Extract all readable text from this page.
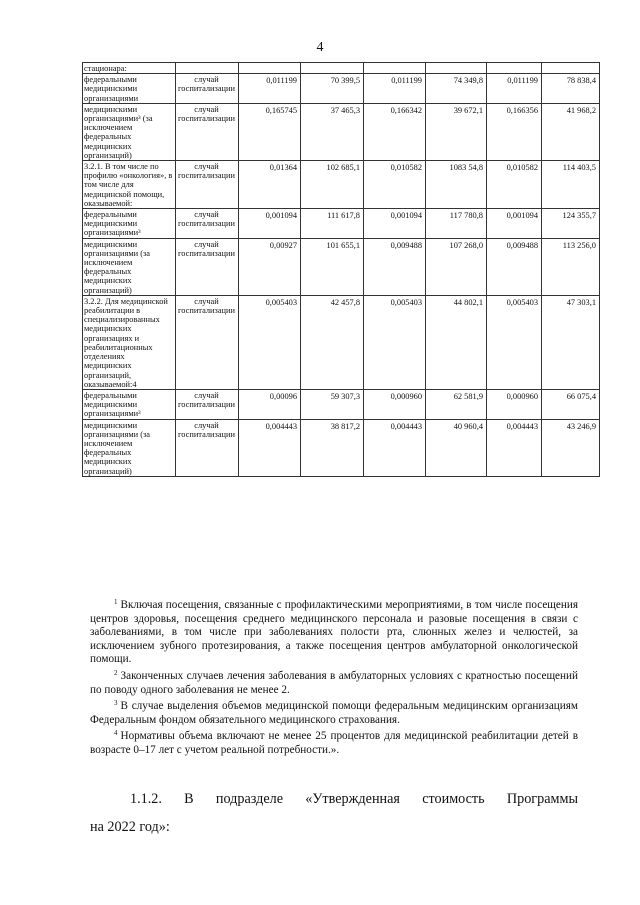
4
стационара:							
федеральными медицинскими организациями	случай госпитализации	0,011199	70 399,5	0,011199	74 349,8	0,011199	78 838,4
медицинскими организациями³ (за исключением федеральных медицинских организаций)	случай госпитализации	0,165745	37 465,3	0,166342	39 672,1	0,166356	41 968,2
3.2.1. В том числе по профилю «онкология», в том числе для медицинской помощи, оказываемой:	случай госпитализации	0,01364	102 685,1	0,010582	1083 54,8	0,010582	114 403,5
федеральными медицинскими организациями³	случай госпитализации	0,001094	111 617,8	0,001094	117 780,8	0,001094	124 355,7
медицинскими организациями (за исключением федеральных медицинских организаций)	случай госпитализации	0,00927	101 655,1	0,009488	107 268,0	0,009488	113 256,0
3.2.2. Для медицинской реабилитации в специализированных медицинских организациях и реабилитационных отделениях медицинских организаций, оказываемой:4	случай госпитализации	0,005403	42 457,8	0,005403	44 802,1	0,005403	47 303,1
федеральными медицинскими организациями³	случай госпитализации	0,00096	59 307,3	0,000960	62 581,9	0,000960	66 075,4
медицинскими организациями (за исключением федеральных медицинских организаций)	случай госпитализации	0,004443	38 817,2	0,004443	40 960,4	0,004443	43 246,9

$^1$ Включая посещения, связанные с профилактическими мероприятиями, в том числе посещения центров здоровья, посещения среднего медицинского персонала и разовые посещения в связи с заболеваниями, в том числе при заболеваниях полости рта, слюнных желез и челюстей, за исключением зубного протезирования, а также посещения центров амбулаторной онкологической помощи.

$^2$ Законченных случаев лечения заболевания в амбулаторных условиях с кратностью посещений по поводу одного заболевания не менее 2.

$^3$ В случае выделения объемов медицинской помощи федеральным медицинским организациям Федеральным фондом обязательного медицинского страхования.

$^4$ Нормативы объема включают не менее 25 процентов для медицинской реабилитации детей в возрасте 0–17 лет с учетом реальной потребности.».

1.1.2. В подразделе «Утвержденная стоимость Программы
на 2022 год»:
